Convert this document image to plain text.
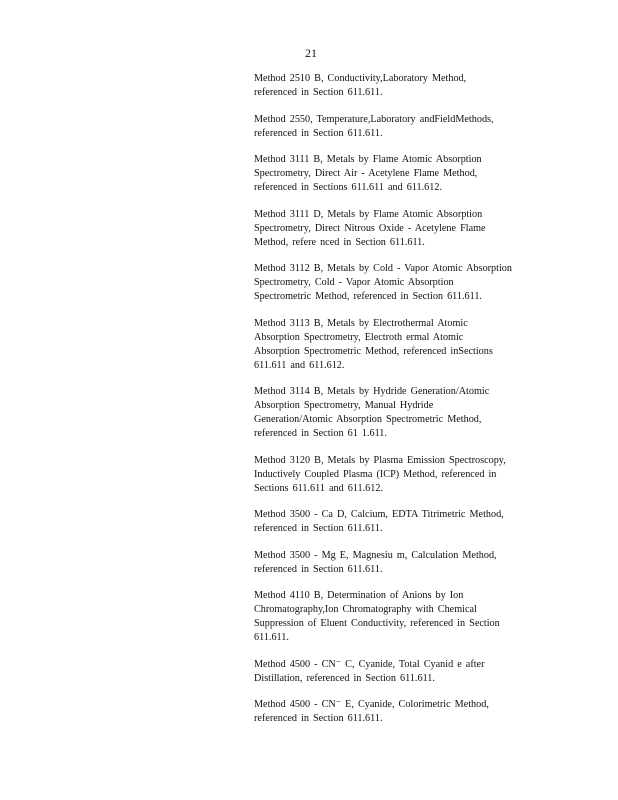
21
Method 2510 B, Conductivity,Laboratory Method,
referenced in Section 611.611.
Method 2550, Temperature,Laboratory andFieldMethods,
referenced in Section 611.611.
Method 3111 B, Metals by Flame Atomic Absorption
Spectrometry, Direct Air - Acetylene Flame Method,
referenced in Sections 611.611 and 611.612.
Method 3111 D, Metals by Flame Atomic Absorption
Spectrometry, Direct Nitrous Oxide - Acetylene Flame
Method, refere nced in Section 611.611.
Method 3112 B, Metals by Cold - Vapor Atomic Absorption
Spectrometry, Cold - Vapor Atomic Absorption
Spectrometric Method, referenced in Section 611.611.
Method 3113 B, Metals by Electrothermal Atomic
Absorption Spectrometry, Electroth ermal Atomic
Absorption Spectrometric Method, referenced inSections
611.611 and 611.612.
Method 3114 B, Metals by Hydride Generation/Atomic
Absorption Spectrometry, Manual Hydride
Generation/Atomic Absorption Spectrometric Method,
referenced in Section 61 1.611.
Method 3120 B, Metals by Plasma Emission Spectroscopy,
Inductively Coupled Plasma (ICP) Method, referenced in
Sections 611.611 and 611.612.
Method 3500 - Ca D, Calcium, EDTA Titrimetric Method,
referenced in Section 611.611.
Method 3500 - Mg E, Magnesiu m, Calculation Method,
referenced in Section 611.611.
Method 4110 B, Determination of Anions by Ion
Chromatography,Ion Chromatography with Chemical
Suppression of Eluent Conductivity, referenced in Section
611.611.
Method 4500 - CN⁻ C, Cyanide, Total Cyanid e after
Distillation, referenced in Section 611.611.
Method 4500 - CN⁻ E, Cyanide, Colorimetric Method,
referenced in Section 611.611.
